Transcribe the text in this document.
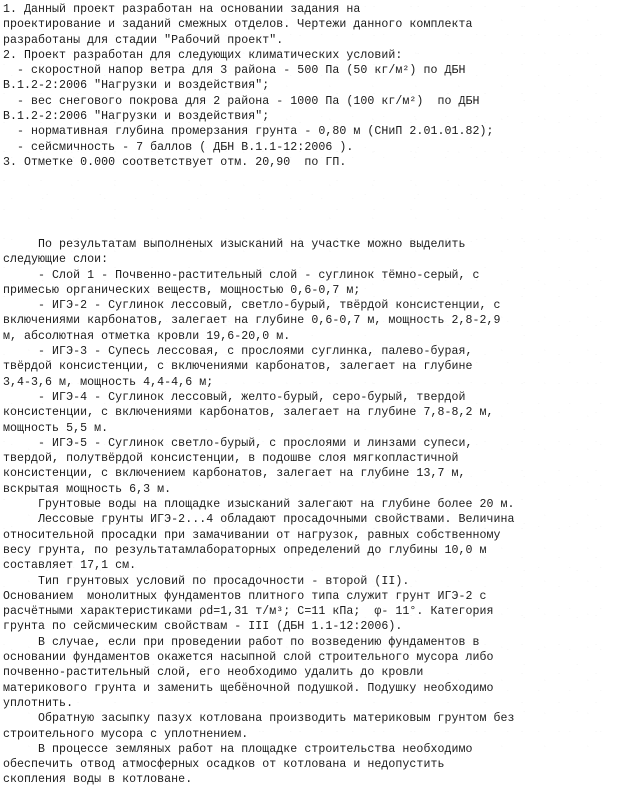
1. Данный проект разработан на основании задания на
проектирование и заданий смежных отделов. Чертежи данного комплекта
разработаны для стадии "Рабочий проект".
2. Проект разработан для следующих климатических условий:
- скоростной напор ветра для 3 района - 500 Па (50 кг/м²) по ДБН
В.1.2-2:2006 "Нагрузки и воздействия";
- вес снегового покрова для 2 района - 1000 Па (100 кг/м²)  по ДБН
В.1.2-2:2006 "Нагрузки и воздействия";
- нормативная глубина промерзания грунта - 0,80 м (СНиП 2.01.01.82);
- сейсмичность - 7 баллов ( ДБН В.1.1-12:2006 ).
3. Отметке 0.000 соответствует отм. 20,90  по ГП.
По результатам выполненых изысканий на участке можно выделить
следующие слои:
- Слой 1 - Почвенно-растительный слой - суглинок тёмно-серый, с
примесью органических веществ, мощностью 0,6-0,7 м;
- ИГЭ-2 - Суглинок лессовый, светло-бурый, твёрдой консистенции, с
включениями карбонатов, залегает на глубине 0,6-0,7 м, мощность 2,8-2,9
м, абсолютная отметка кровли 19,6-20,0 м.
- ИГЭ-3 - Супесь лессовая, с прослоями суглинка, палево-бурая,
твёрдой консистенции, с включениями карбонатов, залегает на глубине
3,4-3,6 м, мощность 4,4-4,6 м;
- ИГЭ-4 - Суглинок лессовый, желто-бурый, серо-бурый, твердой
консистенции, с включениями карбонатов, залегает на глубине 7,8-8,2 м,
мощность 5,5 м.
- ИГЭ-5 - Суглинок светло-бурый, с прослоями и линзами супеси,
твердой, полутвёрдой консистенции, в подошве слоя мягкопластичной
консистенции, с включением карбонатов, залегает на глубине 13,7 м,
вскрытая мощность 6,3 м.
Грунтовые воды на площадке изысканий залегают на глубине более 20 м.
Лессовые грунты ИГЭ-2...4 обладают просадочными свойствами. Величина
относительной просадки при замачивании от нагрузок, равных собственному
весу грунта, по результатамлабораторных определений до глубины 10,0 м
составляет 17,1 см.
Тип грунтовых условий по просадочности - второй (II).
Основанием  монолитных фундаментов плитного типа служит грунт ИГЭ-2 с
расчётными характеристиками ρd=1,31 т/м³; C=11 кПа;  φ- 11°. Категория
грунта по сейсмическим свойствам - III (ДБН 1.1-12:2006).
В случае, если при проведении работ по возведению фундаментов в
основании фундаментов окажется насыпной слой строительного мусора либо
почвенно-растительный слой, его необходимо удалить до кровли
материкового грунта и заменить щебёночной подушкой. Подушку необходимо
уплотнить.
Обратную засыпку пазух котлована производить материковым грунтом без
строительного мусора с уплотнением.
В процессе земляных работ на площадке строительства необходимо
обеспечить отвод атмосферных осадков от котлована и недопустить
скопления воды в котловане.
